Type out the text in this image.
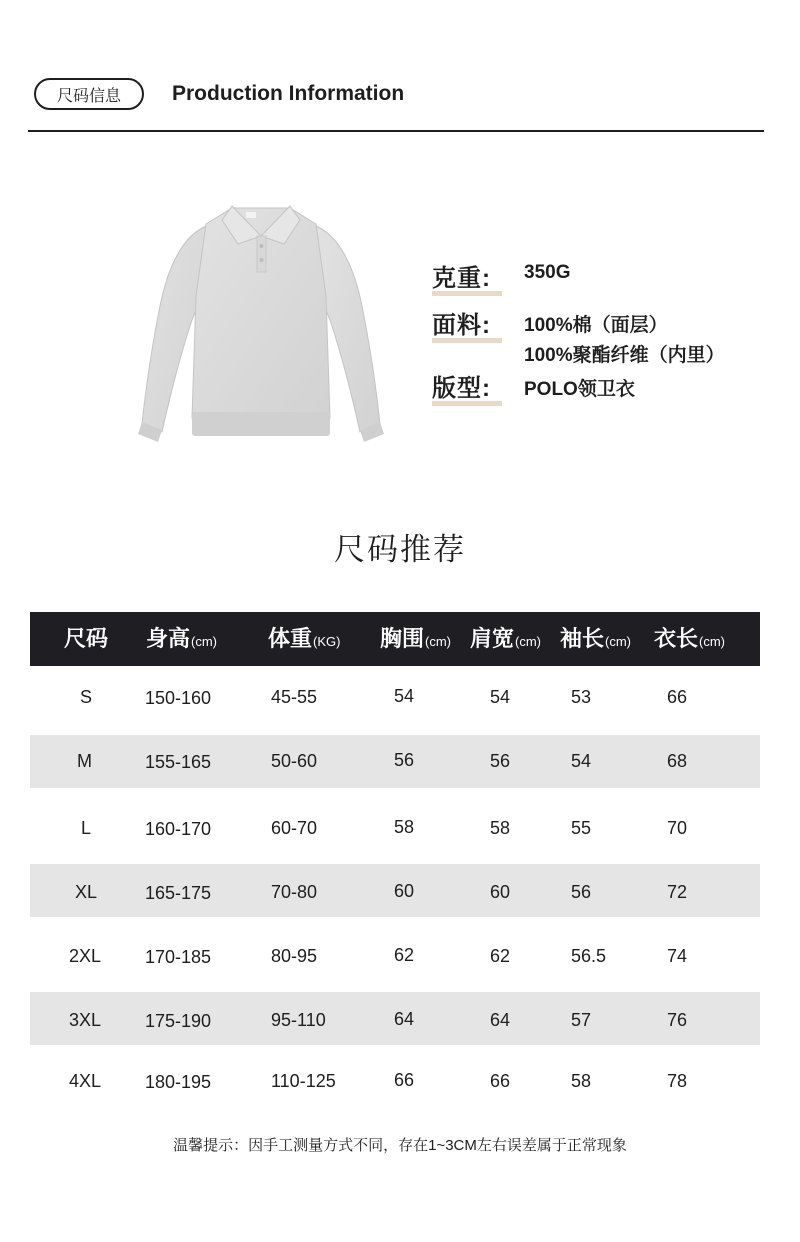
尺码信息 Production Information
克重: 350G
面料: 100%棉（面层）
100%聚酯纤维（内里）
版型: POLO领卫衣
尺码推荐
尺码 身高(cm) 体重(KG) 胸围(cm) 肩宽(cm) 袖长(cm) 衣长(cm)
S	150-160	45-55	54	54	53	66
M	155-165	50-60	56	56	54	68
L	160-170	60-70	58	58	55	70
XL	165-175	70-80	60	60	56	72
2XL 170-185	80-95	62	62	56.5	74
3XL 175-190	95-110	64	64	57	76
4XL 180-195	110-125	66	66	58	78
温馨提示：因手工测量方式不同，存在1~3CM左右误差属于正常现象
